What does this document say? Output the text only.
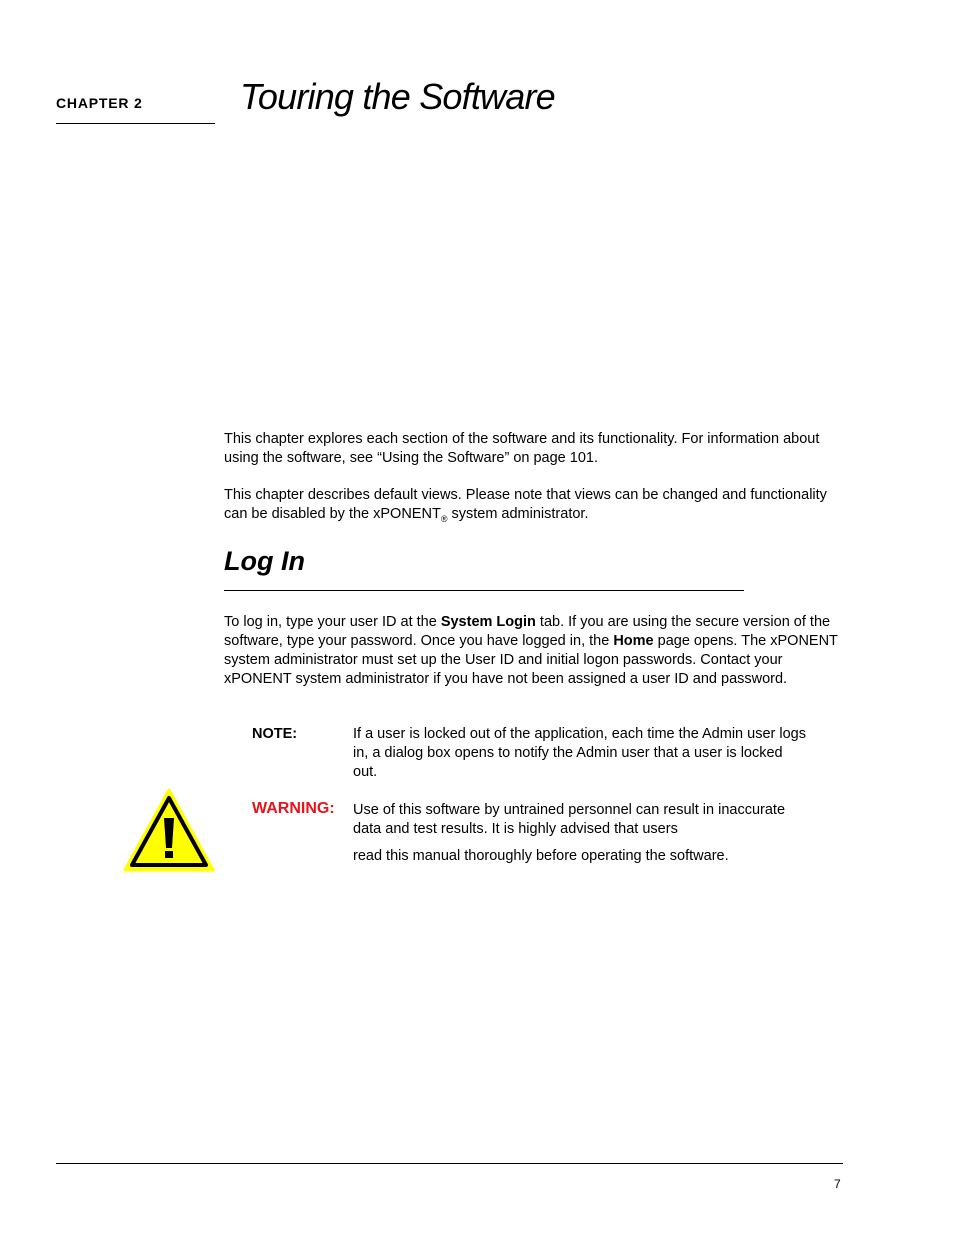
CHAPTER 2	Touring the Software

This chapter explores each section of the software and its functionality. For information about using the software, see “Using the Software” on page 101.

This chapter describes default views. Please note that views can be changed and functionality can be disabled by the xPONENT$_®$ system administrator.

Log In

To log in, type your user ID at the System Login tab. If you are using the secure version of the software, type your password. Once you have logged in, the Home page opens. The xPONENT system administrator must set up the User ID and initial logon passwords. Contact your xPONENT system administrator if you have not been assigned a user ID and password.

NOTE:	If a user is locked out of the application, each time the Admin user logs in, a dialog box opens to notify the Admin user that a user is locked out.

WARNING: Use of this software by untrained personnel can result in inaccurate data and test results. It is highly advised that users

read this manual thoroughly before operating the software.

7
